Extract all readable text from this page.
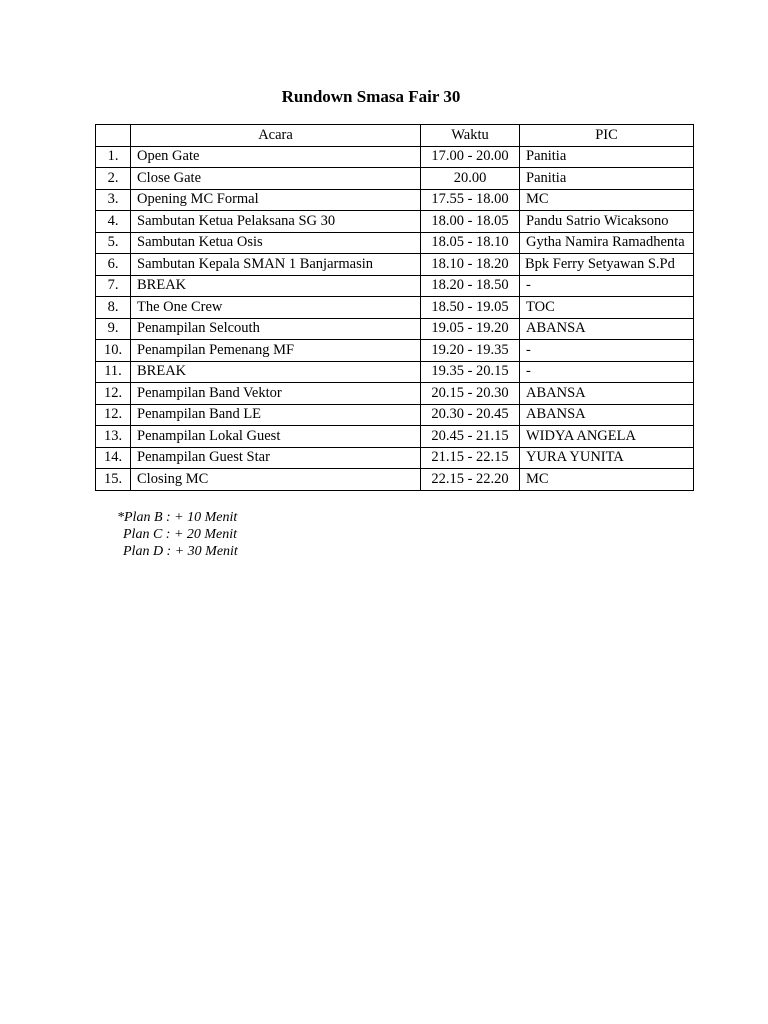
Rundown Smasa Fair 30
	Acara	Waktu	PIC
1.	Open Gate	17.00 - 20.00	Panitia
2.	Close Gate	20.00	Panitia
3.	Opening MC Formal	17.55 - 18.00	MC
4.	Sambutan Ketua Pelaksana SG 30	18.00 - 18.05	Pandu Satrio Wicaksono
5.	Sambutan Ketua Osis	18.05 - 18.10	Gytha Namira Ramadhenta
6.	Sambutan Kepala SMAN 1 Banjarmasin	18.10 - 18.20	Bpk Ferry Setyawan S.Pd
7.	BREAK	18.20 - 18.50	-
8.	The One Crew	18.50 - 19.05	TOC
9.	Penampilan Selcouth	19.05 - 19.20	ABANSA
10.	Penampilan Pemenang MF	19.20 - 19.35	-
11.	BREAK	19.35 - 20.15	-
12.	Penampilan Band Vektor	20.15 - 20.30	ABANSA
12.	Penampilan Band LE	20.30 - 20.45	ABANSA
13.	Penampilan Lokal Guest	20.45 - 21.15	WIDYA ANGELA
14.	Penampilan Guest Star	21.15 - 22.15	YURA YUNITA
15.	Closing MC	22.15 - 22.20	MC
*Plan B : + 10 Menit
Plan C : + 20 Menit
Plan D : + 30 Menit
